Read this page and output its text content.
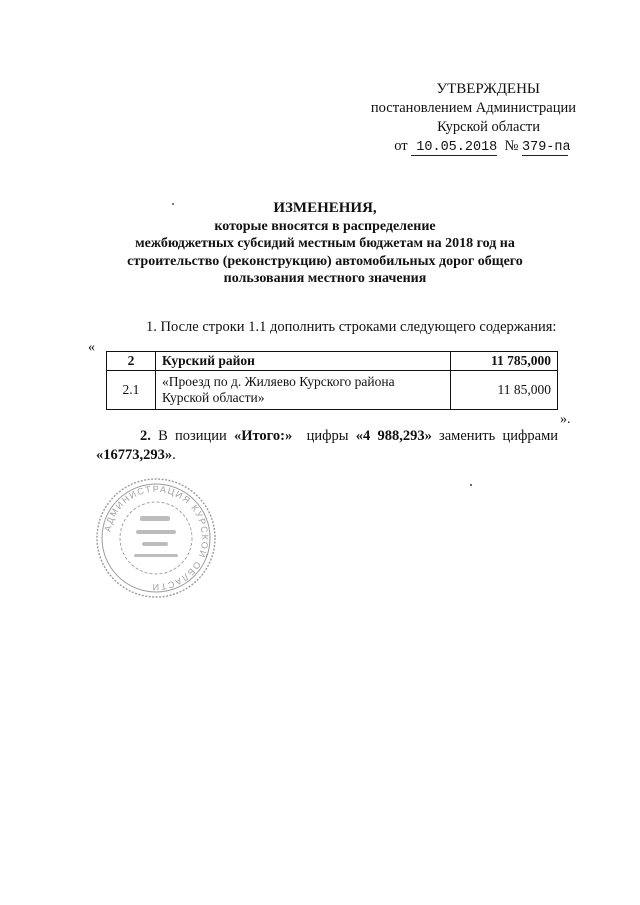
УТВЕРЖДЕНЫ
постановлением Администрации
Курской области
от 10.05.2018 № 379-па
ИЗМЕНЕНИЯ,
которые вносятся в распределение
межбюджетных субсидий местным бюджетам на 2018 год на
строительство (реконструкцию) автомобильных дорог общего
пользования местного значения
1. После строки 1.1 дополнить строками следующего содержания:
«
2	Курский район	11 785,000
2.1	«Проезд по д. Жиляево Курского района Курской области»	11 85,000
».
2. В позиции «Итого:» цифры «4 988,293» заменить цифрами «16773,293».
АДМИНИСТРАЦИЯ КУРСКОЙ ОБЛАСТИ
